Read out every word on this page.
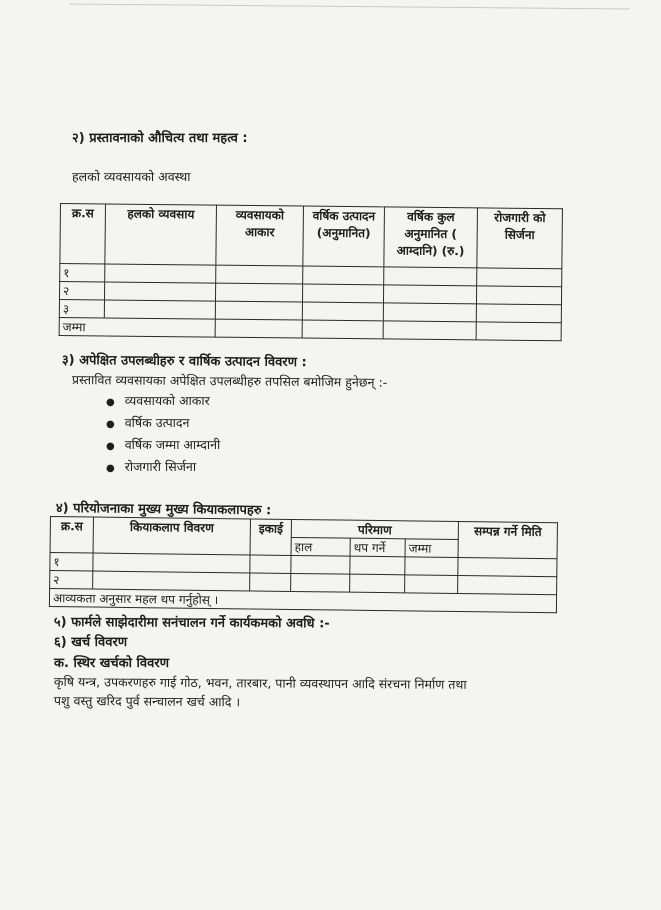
२) प्रस्तावनाको औचित्य तथा महत्व :
हलको व्यवसायको अवस्था
क्र.स	हलको व्यवसाय	व्यवसायको आकार	वर्षिक उत्पादन (अनुमानित)	वर्षिक कुल अनुमानित ( आम्दानि) (रु.)	रोजगारी को सिर्जना
१					
२					
३					
जम्मा					
३) अपेक्षित उपलब्धीहरु र वार्षिक उत्पादन विवरण :
प्रस्तावित व्यवसायका अपेक्षित उपलब्धीहरु तपसिल बमोजिम हुनेछन् :-
● व्यवसायको आकार
● वर्षिक उत्पादन
● वर्षिक जम्मा आम्दानी
● रोजगारी सिर्जना
४) परियोजनाका मुख्य मुख्य कियाकलापहरु :
क्र.स	कियाकलाप विवरण	इकाई	परिमाण			सम्पन्न गर्ने मिति
			हाल	थप गर्ने	जम्मा	
१						
२						
आव्यकता अनुसार महल थप गर्नुहोस् ।						
५) फार्मले साझेदारीमा सनंचालन गर्ने कार्यकमको अवधि :-
६) खर्च विवरण
क. स्थिर खर्चको विवरण
कृषि यन्त्र, उपकरणहरु गाई गोठ, भवन, तारबार, पानी व्यवस्थापन आदि संरचना निर्माण तथा
पशु वस्तु खरिद पुर्व सन्चालन खर्च आदि ।
